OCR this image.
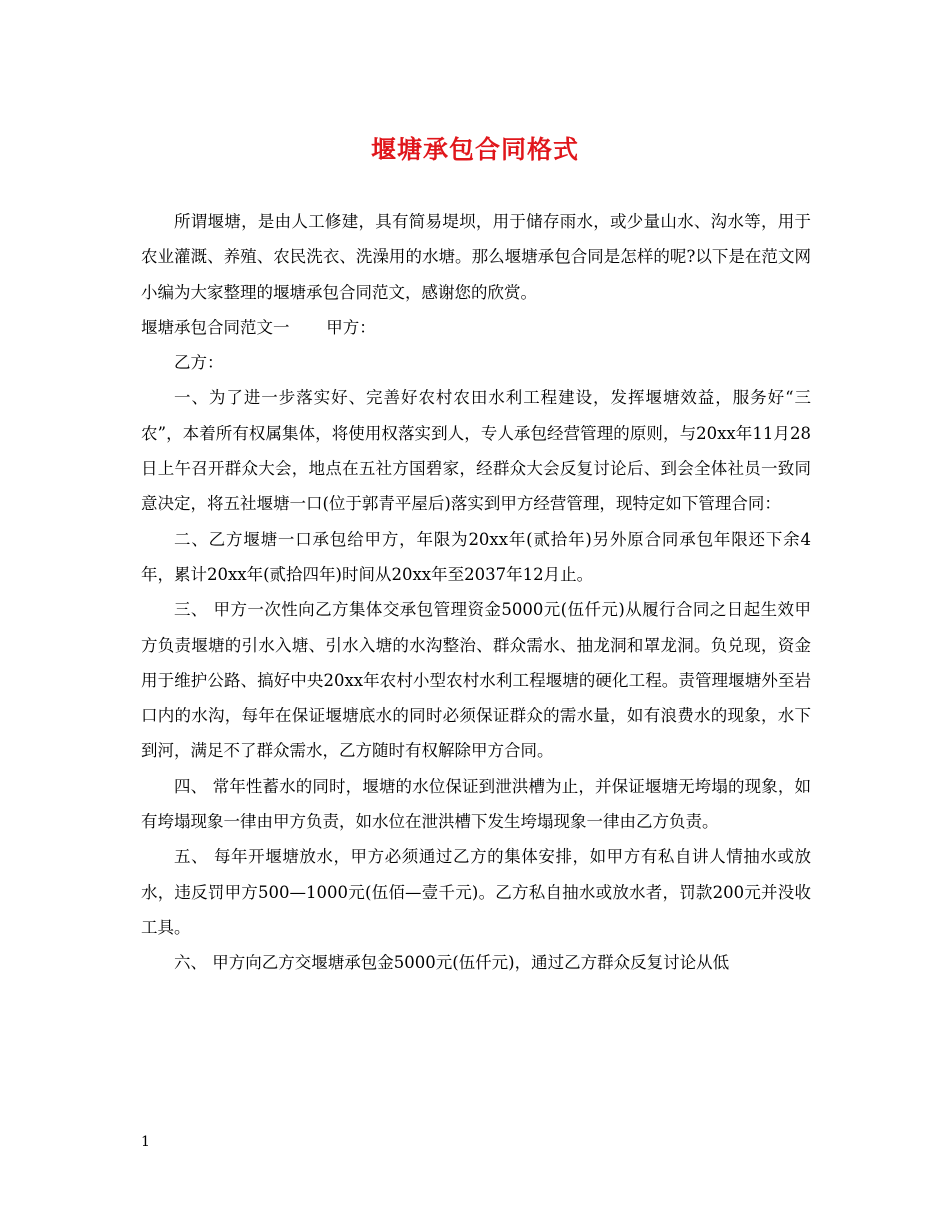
堰塘承包合同格式

所谓堰塘，是由人工修建，具有简易堤坝，用于储存雨水，或少量山水、沟水等，用于农业灌溉、养殖、农民洗衣、洗澡用的水塘。那么堰塘承包合同是怎样的呢?以下是在范文网小编为大家整理的堰塘承包合同范文，感谢您的欣赏。

堰塘承包合同范文一 甲方：

乙方：

一、为了进一步落实好、完善好农村农田水利工程建设，发挥堰塘效益，服务好“三农”，本着所有权属集体，将使用权落实到人，专人承包经营管理的原则，与20xx年11月28日上午召开群众大会，地点在五社方国碧家，经群众大会反复讨论后、到会全体社员一致同意决定，将五社堰塘一口(位于郭青平屋后)落实到甲方经营管理，现特定如下管理合同：

二、乙方堰塘一口承包给甲方，年限为20xx年(贰拾年)另外原合同承包年限还下余4年，累计20xx年(贰拾四年)时间从20xx年至2037年12月止。

三、 甲方一次性向乙方集体交承包管理资金5000元(伍仟元)从履行合同之日起生效甲方负责堰塘的引水入塘、引水入塘的水沟整治、群众需水、抽龙洞和罩龙洞。负兑现，资金用于维护公路、搞好中央20xx年农村小型农村水利工程堰塘的硬化工程。责管理堰塘外至岩口内的水沟，每年在保证堰塘底水的同时必须保证群众的需水量，如有浪费水的现象，水下到河，满足不了群众需水，乙方随时有权解除甲方合同。

四、 常年性蓄水的同时，堰塘的水位保证到泄洪槽为止，并保证堰塘无垮塌的现象，如有垮塌现象一律由甲方负责，如水位在泄洪槽下发生垮塌现象一律由乙方负责。

五、 每年开堰塘放水，甲方必须通过乙方的集体安排，如甲方有私自讲人情抽水或放水，违反罚甲方500—1000元(伍佰—壹千元)。乙方私自抽水或放水者，罚款200元并没收工具。

六、 甲方向乙方交堰塘承包金5000元(伍仟元)，通过乙方群众反复讨论从低

1
